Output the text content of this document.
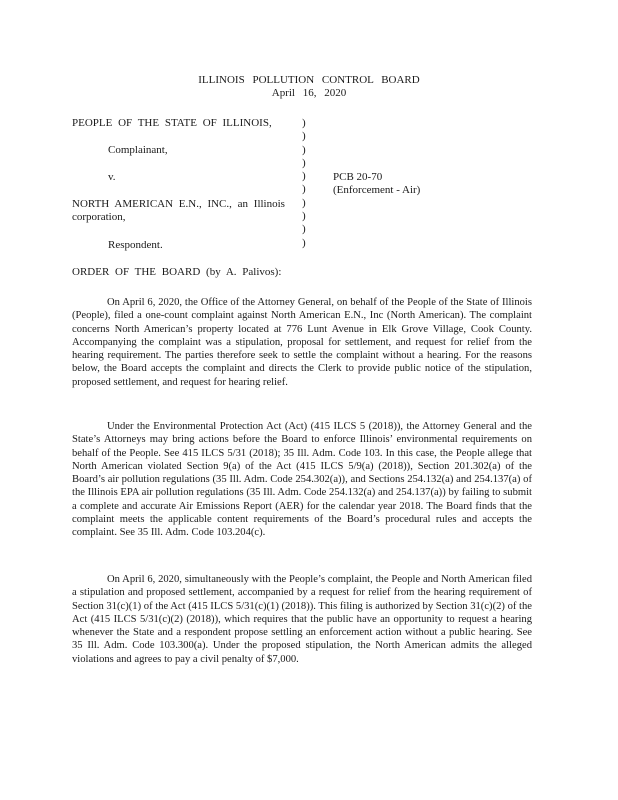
ILLINOIS POLLUTION CONTROL BOARD
April 16, 2020
PEOPLE OF THE STATE OF ILLINOIS,
Complainant,
v.
NORTH AMERICAN E.N., INC., an Illinois corporation,
Respondent.
)
)
)
)
)
)
)
)
)
)
PCB 20-70
(Enforcement - Air)
ORDER OF THE BOARD (by A. Palivos):
On April 6, 2020, the Office of the Attorney General, on behalf of the People of the State of Illinois (People), filed a one-count complaint against North American E.N., Inc (North American). The complaint concerns North American’s property located at 776 Lunt Avenue in Elk Grove Village, Cook County. Accompanying the complaint was a stipulation, proposal for settlement, and request for relief from the hearing requirement. The parties therefore seek to settle the complaint without a hearing. For the reasons below, the Board accepts the complaint and directs the Clerk to provide public notice of the stipulation, proposed settlement, and request for hearing relief.
Under the Environmental Protection Act (Act) (415 ILCS 5 (2018)), the Attorney General and the State’s Attorneys may bring actions before the Board to enforce Illinois’ environmental requirements on behalf of the People. See 415 ILCS 5/31 (2018); 35 Ill. Adm. Code 103. In this case, the People allege that North American violated Section 9(a) of the Act (415 ILCS 5/9(a) (2018)), Section 201.302(a) of the Board’s air pollution regulations (35 Ill. Adm. Code 254.302(a)), and Sections 254.132(a) and 254.137(a) of the Illinois EPA air pollution regulations (35 Ill. Adm. Code 254.132(a) and 254.137(a)) by failing to submit a complete and accurate Air Emissions Report (AER) for the calendar year 2018. The Board finds that the complaint meets the applicable content requirements of the Board’s procedural rules and accepts the complaint. See 35 Ill. Adm. Code 103.204(c).
On April 6, 2020, simultaneously with the People’s complaint, the People and North American filed a stipulation and proposed settlement, accompanied by a request for relief from the hearing requirement of Section 31(c)(1) of the Act (415 ILCS 5/31(c)(1) (2018)). This filing is authorized by Section 31(c)(2) of the Act (415 ILCS 5/31(c)(2) (2018)), which requires that the public have an opportunity to request a hearing whenever the State and a respondent propose settling an enforcement action without a public hearing. See 35 Ill. Adm. Code 103.300(a). Under the proposed stipulation, the North American admits the alleged violations and agrees to pay a civil penalty of $7,000.
